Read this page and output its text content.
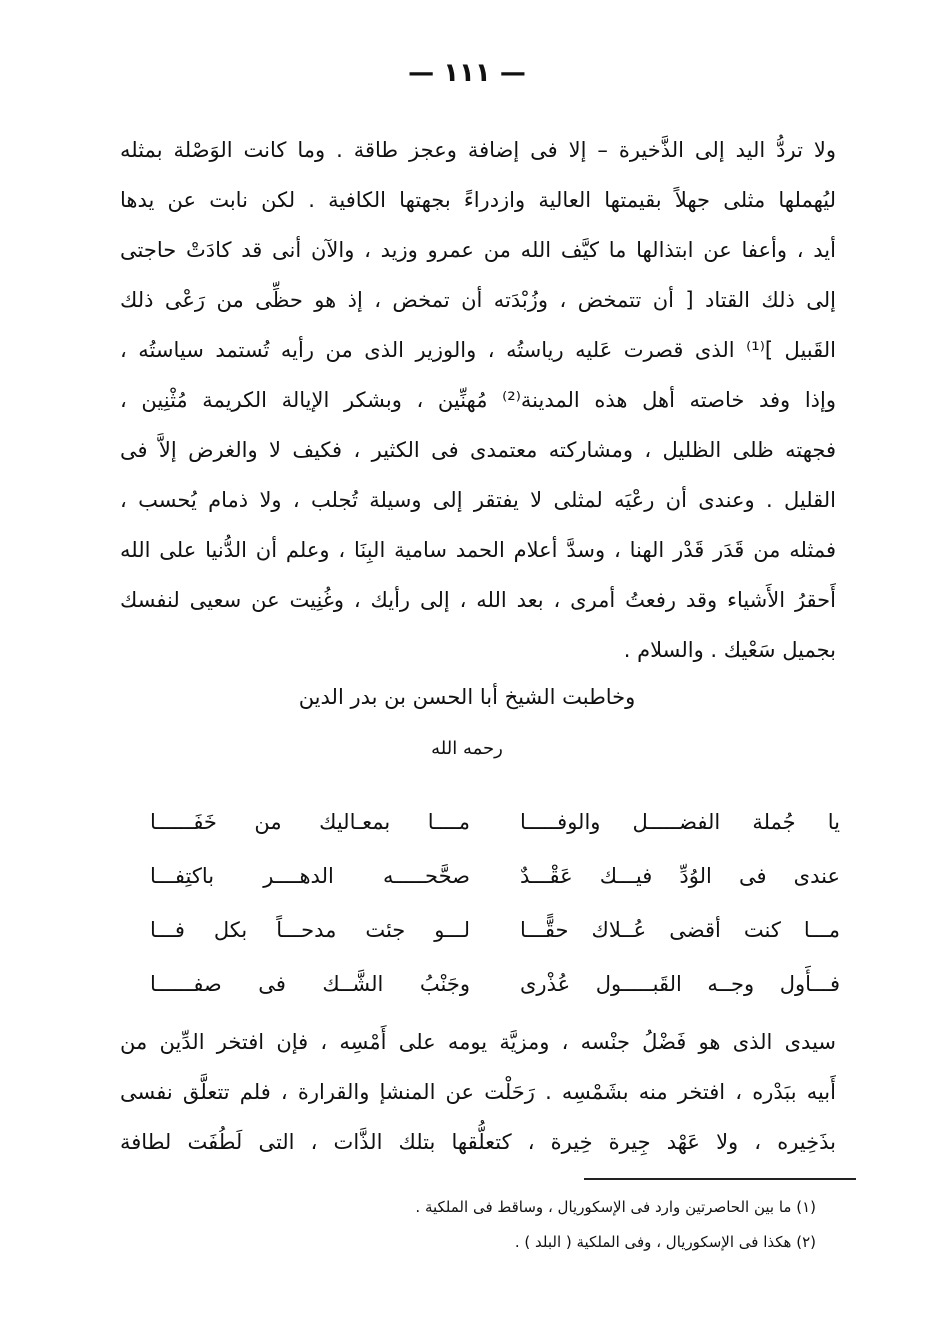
— ١١١ —
ولا تردُّ اليد إلى الذَّخيرة – إلا فى إضافة وعجز طاقة . وما كانت الوَصْلة بمثله
ليُهملها مثلى جهلاً بقيمتها العالية وازدراءً بجهتها الكافية . لكن نابت عن يدها
أيد ، وأعفا عن ابتذالها ما كيَّف الله من عمرو وزيد ، والآن أنى قد كادَتْ حاجتى
إلى ذلك القتاد [ أن تتمخض ، وزُبْدَته أن تمخض ، إذ هو حظِّى من رَعْى ذلك
القَبيل ]⁽¹⁾ الذى قصرت عَليه رياستُه ، والوزير الذى من رأيه تُستمد سياستُه ،
وإذا وفد خاصته أهل هذه المدينة⁽²⁾ مُهنِّين ، وبشكر الإيالة الكريمة مُثْنِين ،
فجهته ظلى الظليل ، ومشاركته معتمدى فى الكثير ، فكيف لا والغرض إلاَّ فى
القليل . وعندى أن رعْيَه لمثلى لا يفتقر إلى وسيلة تُجلب ، ولا ذمام يُحسب ،
فمثله من قَدَر قَدْر الهنا ، وسدَّ أعلام الحمد سامية البِنَا ، وعلم أن الدُّنيا على الله
أَحقرُ الأَشياء وقد رفعتُ أمرى ، بعد الله ، إلى رأيك ، وغُنِيت عن سعيى لنفسك
بجميل سَعْيك . والسلام .
وخاطبت الشيخ أبا الحسن بن بدر الدين
رحمه الله
يا جُملة الفضـــــل والوفـــــا
مــــا بمعـاليك من خَفَــــــا
عندى فى الوُدِّ فيـــك عَقْـــدٌ
صحَّحـــــه الدهــــر باكتِفـــا
مـــا كنت أقضى عُــلاك حقًّـــا
لـــو جئت مدحـــاً بكل فـــا
فـــأَول وجــه القَبـــــول عُذْرى
وجَنْبُ الشَّــك فى صفــــــا
سيدى الذى هو فَضْلُ جنْسه ، ومزيَّة يومه على أَمْسِه ، فإن افتخر الدِّين من
أَبيه ببَدْره ، افتخر منه بشَمْسِه . رَحَلْت عن المنشإ والقرارة ، فلم تتعلَّق نفسى
بذَخِيره ، ولا عَهْد جِيرة خِيرة ، كتعلُّقها بتلك الذَّات ، التى لَطُفَت لطافة
(١) ما بين الحاصرتين وارد فى الإسكوريال ، وساقط فى الملكية .
(٢) هكذا فى الإسكوريال ، وفى الملكية ( البلد ) .
